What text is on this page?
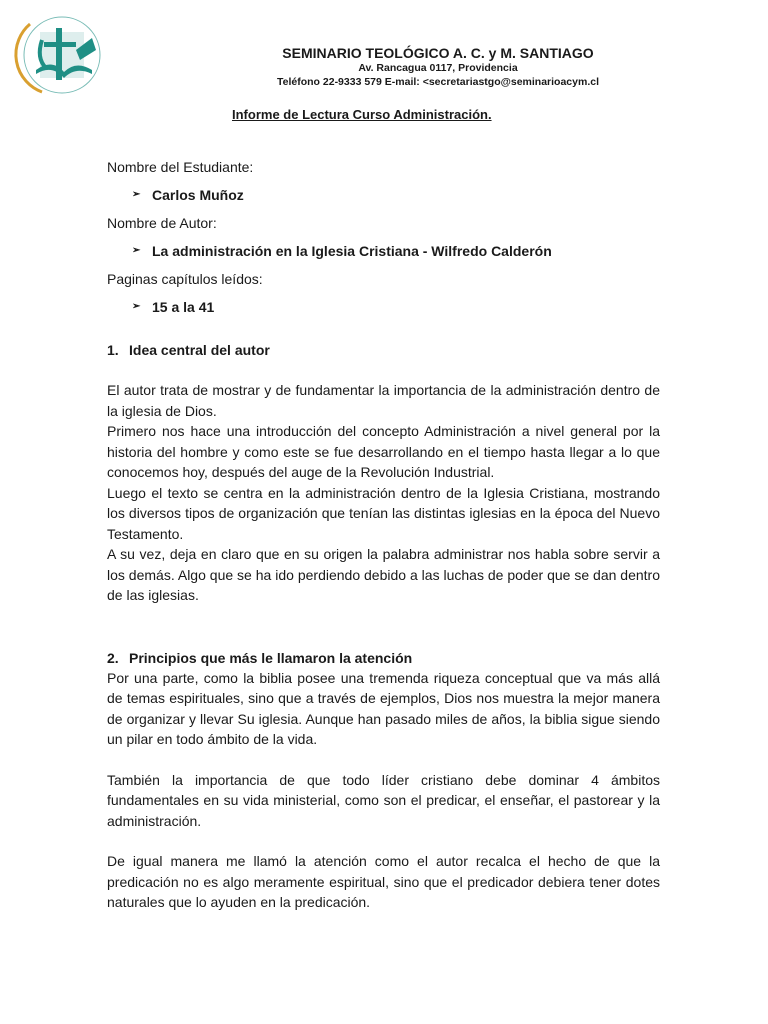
SEMINARIO TEOLÓGICO A. C. y M. SANTIAGO
Av. Rancagua 0117, Providencia
Teléfono 22-9333 579 E-mail: <secretariastgo@seminarioacym.cl
Informe de Lectura Curso Administración.

Nombre del Estudiante:

➢ Carlos Muñoz

Nombre de Autor:

➢ La administración en la Iglesia Cristiana - Wilfredo Calderón

Paginas capítulos leídos:

➢ 15 a la 41

1. Idea central del autor

El autor trata de mostrar y de fundamentar la importancia de la administración dentro de la iglesia de Dios.

Primero nos hace una introducción del concepto Administración a nivel general por la historia del hombre y como este se fue desarrollando en el tiempo hasta llegar a lo que conocemos hoy, después del auge de la Revolución Industrial.

Luego el texto se centra en la administración dentro de la Iglesia Cristiana, mostrando los diversos tipos de organización que tenían las distintas iglesias en la época del Nuevo Testamento.

A su vez, deja en claro que en su origen la palabra administrar nos habla sobre servir a los demás. Algo que se ha ido perdiendo debido a las luchas de poder que se dan dentro de las iglesias.

2. Principios que más le llamaron la atención

Por una parte, como la biblia posee una tremenda riqueza conceptual que va más allá de temas espirituales, sino que a través de ejemplos, Dios nos muestra la mejor manera de organizar y llevar Su iglesia. Aunque han pasado miles de años, la biblia sigue siendo un pilar en todo ámbito de la vida.

También la importancia de que todo líder cristiano debe dominar 4 ámbitos fundamentales en su vida ministerial, como son el predicar, el enseñar, el pastorear y la administración.

De igual manera me llamó la atención como el autor recalca el hecho de que la predicación no es algo meramente espiritual, sino que el predicador debiera tener dotes naturales que lo ayuden en la predicación.
